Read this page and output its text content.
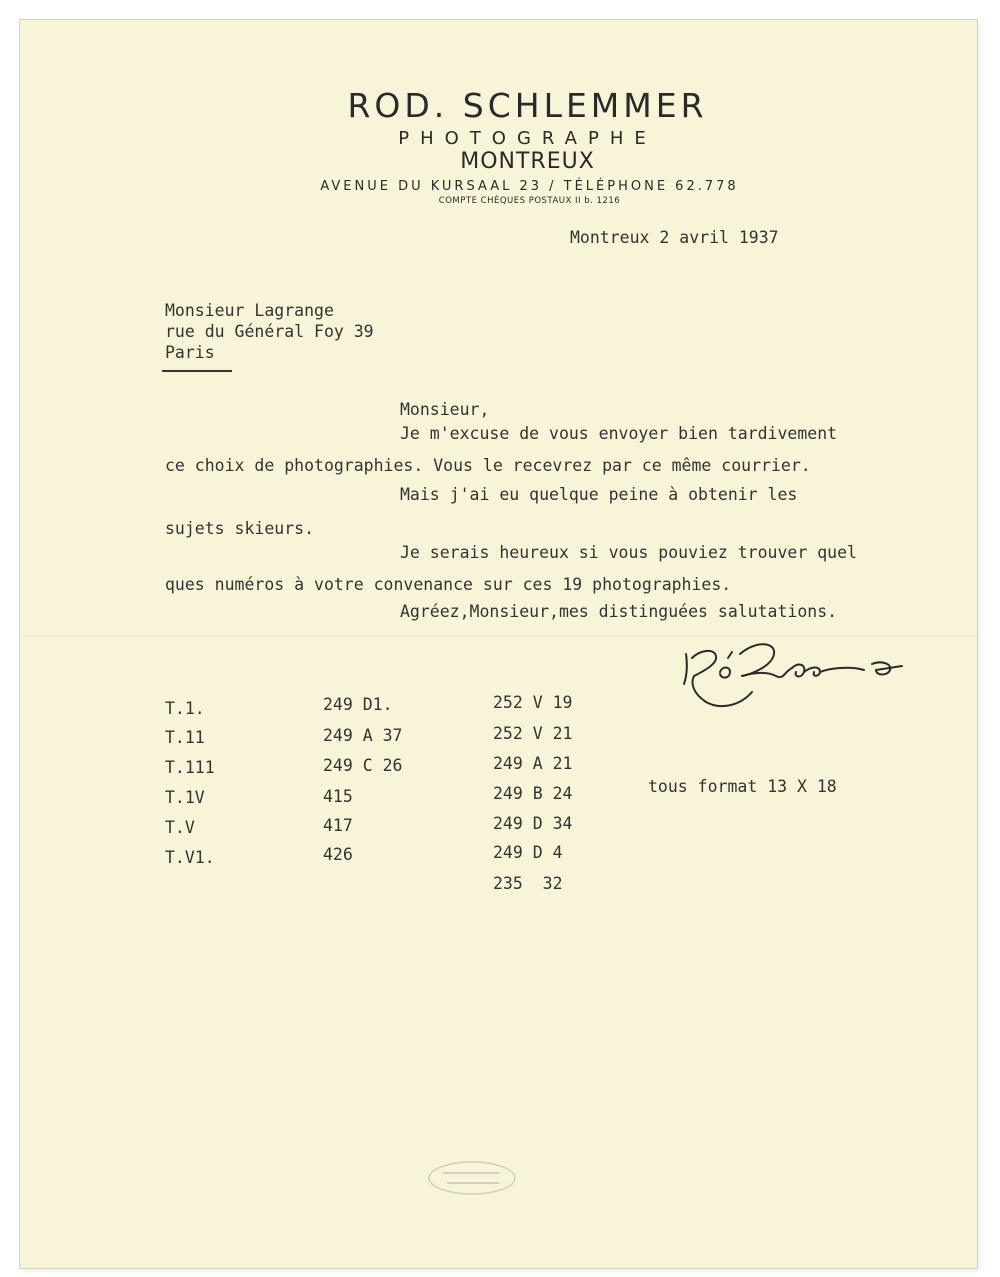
ROD. SCHLEMMER
PHOTOGRAPHE
MONTREUX
AVENUE DU KURSAAL 23 / TÉLÉPHONE 62.778
COMPTE CHÈQUES POSTAUX II b. 1216
Montreux 2 avril 1937
Monsieur Lagrange
rue du Général Foy 39
Paris
Monsieur,
Je m'excuse de vous envoyer bien tardivement
ce choix de photographies. Vous le recevrez par ce même courrier.
Mais j'ai eu quelque peine à obtenir les
sujets skieurs.
Je serais heureux si vous pouviez trouver quel
ques numéros à votre convenance sur ces 19 photographies.
Agréez,Monsieur,mes distinguées salutations.
T.1.
T.11
T.111
T.1V
T.V
T.V1.
249 D1.
249 A 37
249 C 26
415
417
426
252 V 19
252 V 21
249 A 21
249 B 24
249 D 34
249 D 4
235  32
tous format 13 X 18
